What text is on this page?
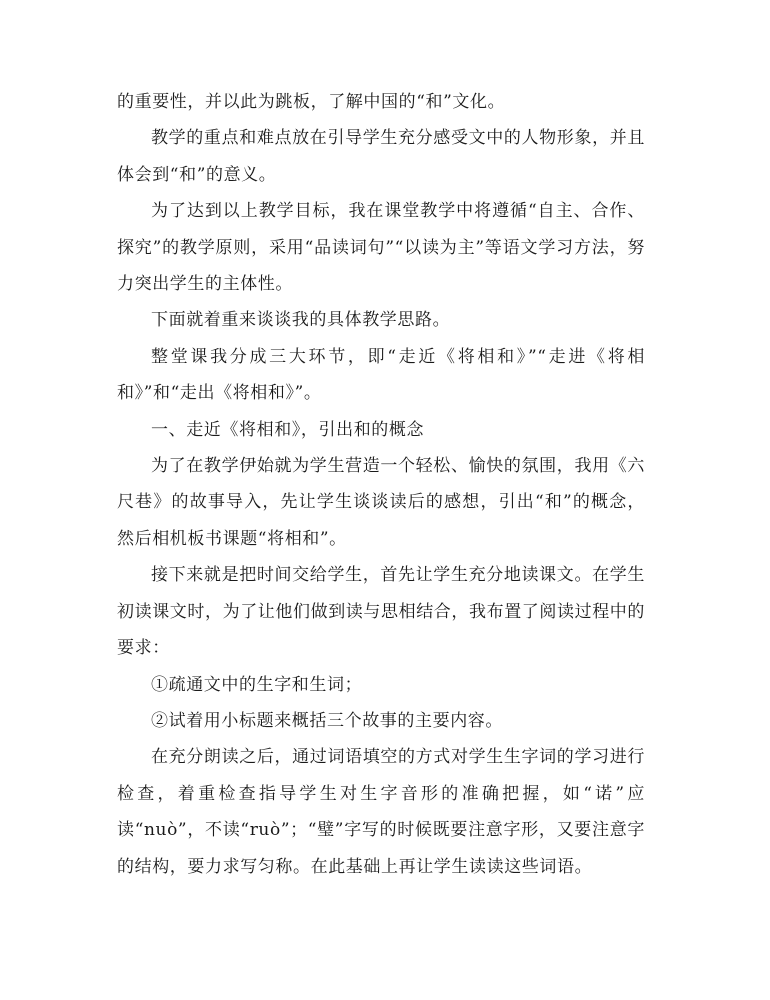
的重要性，并以此为跳板，了解中国的“和”文化。

教学的重点和难点放在引导学生充分感受文中的人物形象，并且体会到“和”的意义。

为了达到以上教学目标，我在课堂教学中将遵循“自主、合作、探究”的教学原则，采用“品读词句”“以读为主”等语文学习方法，努力突出学生的主体性。

下面就着重来谈谈我的具体教学思路。

整堂课我分成三大环节，即“走近《将相和》”“走进《将相和》”和“走出《将相和》”。

一、走近《将相和》，引出和的概念

为了在教学伊始就为学生营造一个轻松、愉快的氛围，我用《六尺巷》的故事导入，先让学生谈谈读后的感想，引出“和”的概念，然后相机板书课题“将相和”。

接下来就是把时间交给学生，首先让学生充分地读课文。在学生初读课文时，为了让他们做到读与思相结合，我布置了阅读过程中的要求：

①疏通文中的生字和生词；

②试着用小标题来概括三个故事的主要内容。

在充分朗读之后，通过词语填空的方式对学生生字词的学习进行检查，着重检查指导学生对生字音形的准确把握，如“诺”应读“nuò”，不读“ruò”；“璧”字写的时候既要注意字形，又要注意字的结构，要力求写匀称。在此基础上再让学生读读这些词语。
